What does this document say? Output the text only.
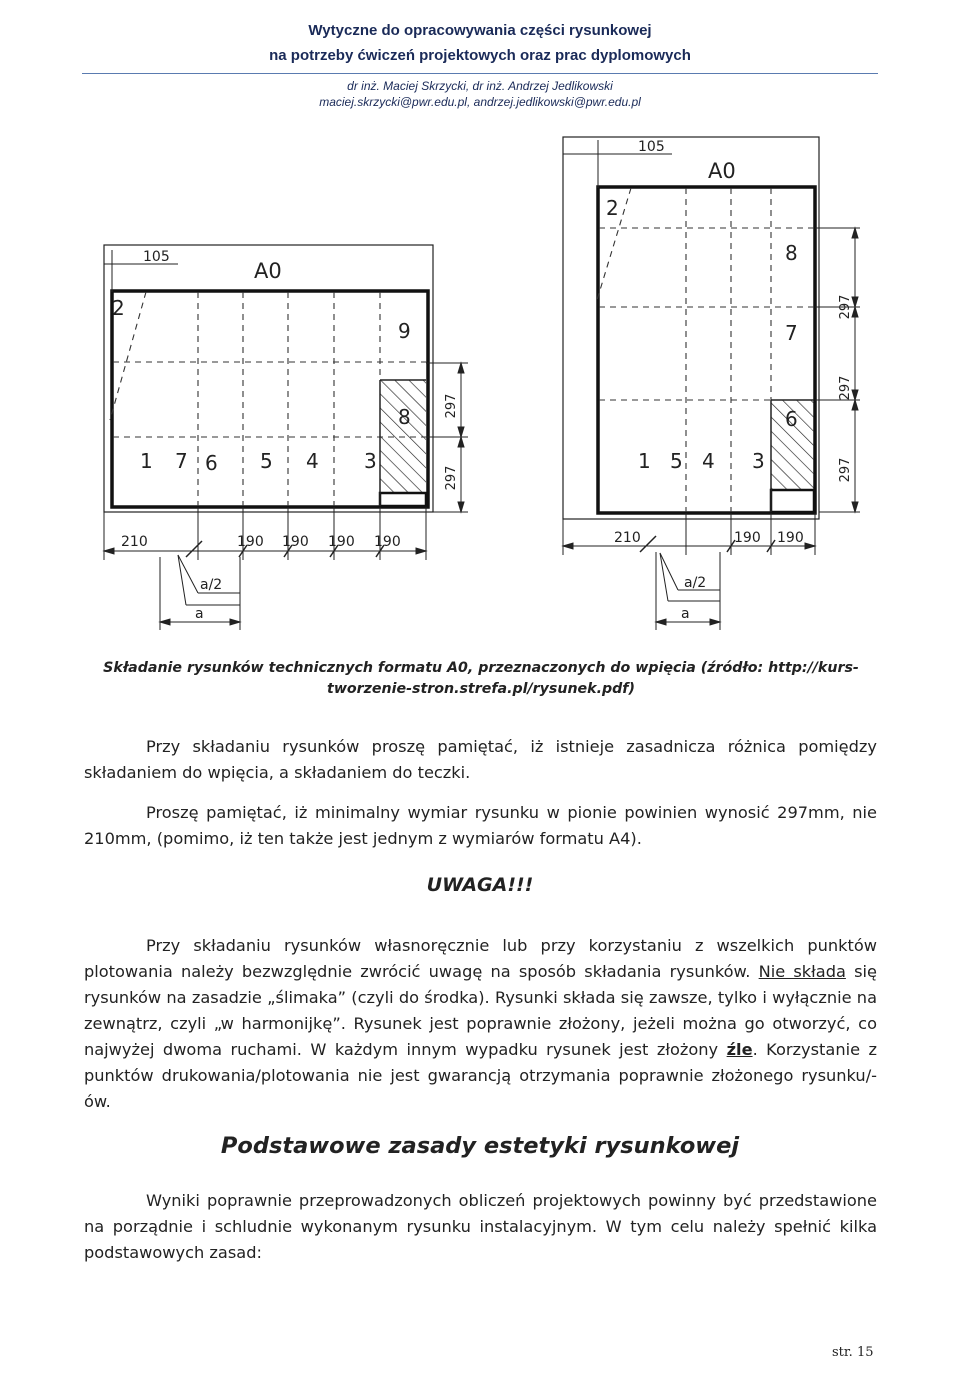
Wytyczne do opracowywania części rysunkowej
na potrzeby ćwiczeń projektowych oraz prac dyplomowych
dr inż. Maciej Skrzycki, dr inż. Andrzej Jedlikowski
maciej.skrzycki@pwr.edu.pl, andrzej.jedlikowski@pwr.edu.pl
A0
105
1 7 6 5 4 3
2
8
9
297
297
210	190 190 190 190
a/2
a
A0
105
1 5 4 3
2
6
7
8
297
297
297
210	190 190
a/2
a
Składanie rysunków technicznych formatu A0, przeznaczonych do wpięcia (źródło: http://kurs-tworzenie-stron.strefa.pl/rysunek.pdf)
Przy składaniu rysunków proszę pamiętać, iż istnieje zasadnicza różnica pomiędzy składaniem do wpięcia, a składaniem do teczki.
Proszę pamiętać, iż minimalny wymiar rysunku w pionie powinien wynosić 297mm, nie 210mm, (pomimo, iż ten także jest jednym z wymiarów formatu A4).
UWAGA!!!
Przy składaniu rysunków własnoręcznie lub przy korzystaniu z wszelkich punktów plotowania należy bezwzględnie zwrócić uwagę na sposób składania rysunków. Nie składa się rysunków na zasadzie „ślimaka” (czyli do środka). Rysunki składa się zawsze, tylko i wyłącznie na zewnątrz, czyli „w harmonijkę”. Rysunek jest poprawnie złożony, jeżeli można go otworzyć, co najwyżej dwoma ruchami. W każdym innym wypadku rysunek jest złożony źle. Korzystanie z punktów drukowania/plotowania nie jest gwarancją otrzymania poprawnie złożonego rysunku/-ów.
Podstawowe zasady estetyki rysunkowej
Wyniki poprawnie przeprowadzonych obliczeń projektowych powinny być przedstawione na porządnie i schludnie wykonanym rysunku instalacyjnym. W tym celu należy spełnić kilka podstawowych zasad:
str. 15
